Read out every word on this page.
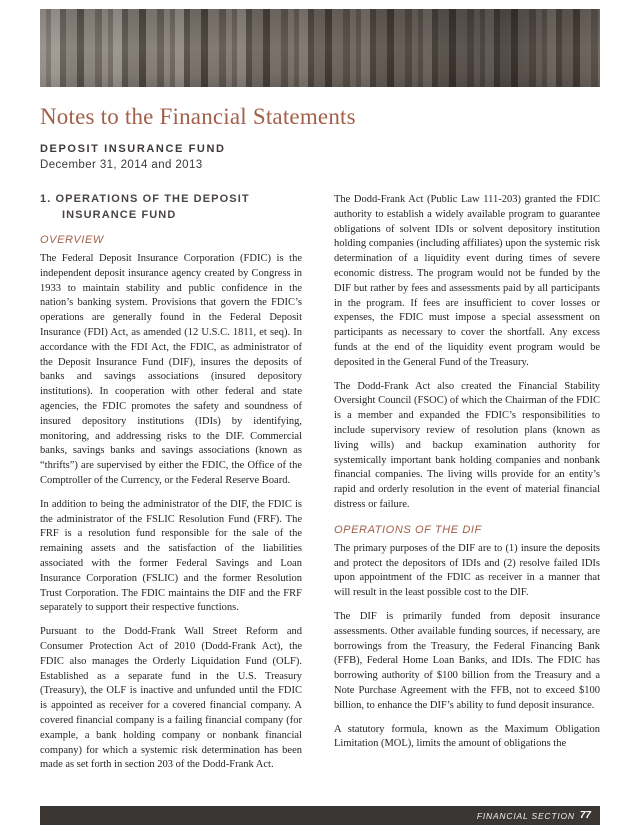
Notes to the Financial Statements
DEPOSIT INSURANCE FUND
December 31, 2014 and 2013
1. OPERATIONS OF THE DEPOSIT
INSURANCE FUND
OVERVIEW

The Federal Deposit Insurance Corporation (FDIC) is the independent deposit insurance agency created by Congress in 1933 to maintain stability and public confidence in the nation’s banking system. Provisions that govern the FDIC’s operations are generally found in the Federal Deposit Insurance (FDI) Act, as amended (12 U.S.C. 1811, et seq). In accordance with the FDI Act, the FDIC, as administrator of the Deposit Insurance Fund (DIF), insures the deposits of banks and savings associations (insured depository institutions). In cooperation with other federal and state agencies, the FDIC promotes the safety and soundness of insured depository institutions (IDIs) by identifying, monitoring, and addressing risks to the DIF. Commercial banks, savings banks and savings associations (known as “thrifts”) are supervised by either the FDIC, the Office of the Comptroller of the Currency, or the Federal Reserve Board.

In addition to being the administrator of the DIF, the FDIC is the administrator of the FSLIC Resolution Fund (FRF). The FRF is a resolution fund responsible for the sale of the remaining assets and the satisfaction of the liabilities associated with the former Federal Savings and Loan Insurance Corporation (FSLIC) and the former Resolution Trust Corporation. The FDIC maintains the DIF and the FRF separately to support their respective functions.

Pursuant to the Dodd-Frank Wall Street Reform and Consumer Protection Act of 2010 (Dodd-Frank Act), the FDIC also manages the Orderly Liquidation Fund (OLF). Established as a separate fund in the U.S. Treasury (Treasury), the OLF is inactive and unfunded until the FDIC is appointed as receiver for a covered financial company. A covered financial company is a failing financial company (for example, a bank holding company or nonbank financial company) for which a systemic risk determination has been made as set forth in section 203 of the Dodd-Frank Act.

The Dodd-Frank Act (Public Law 111-203) granted the FDIC authority to establish a widely available program to guarantee obligations of solvent IDIs or solvent depository institution holding companies (including affiliates) upon the systemic risk determination of a liquidity event during times of severe economic distress. The program would not be funded by the DIF but rather by fees and assessments paid by all participants in the program. If fees are insufficient to cover losses or expenses, the FDIC must impose a special assessment on participants as necessary to cover the shortfall. Any excess funds at the end of the liquidity event program would be deposited in the General Fund of the Treasury.

The Dodd-Frank Act also created the Financial Stability Oversight Council (FSOC) of which the Chairman of the FDIC is a member and expanded the FDIC’s responsibilities to include supervisory review of resolution plans (known as living wills) and backup examination authority for systemically important bank holding companies and nonbank financial companies. The living wills provide for an entity’s rapid and orderly resolution in the event of material financial distress or failure.

OPERATIONS OF THE DIF

The primary purposes of the DIF are to (1) insure the deposits and protect the depositors of IDIs and (2) resolve failed IDIs upon appointment of the FDIC as receiver in a manner that will result in the least possible cost to the DIF.

The DIF is primarily funded from deposit insurance assessments. Other available funding sources, if necessary, are borrowings from the Treasury, the Federal Financing Bank (FFB), Federal Home Loan Banks, and IDIs. The FDIC has borrowing authority of $100 billion from the Treasury and a Note Purchase Agreement with the FFB, not to exceed $100 billion, to enhance the DIF’s ability to fund deposit insurance.

A statutory formula, known as the Maximum Obligation Limitation (MOL), limits the amount of obligations the

FINANCIAL SECTION 77
